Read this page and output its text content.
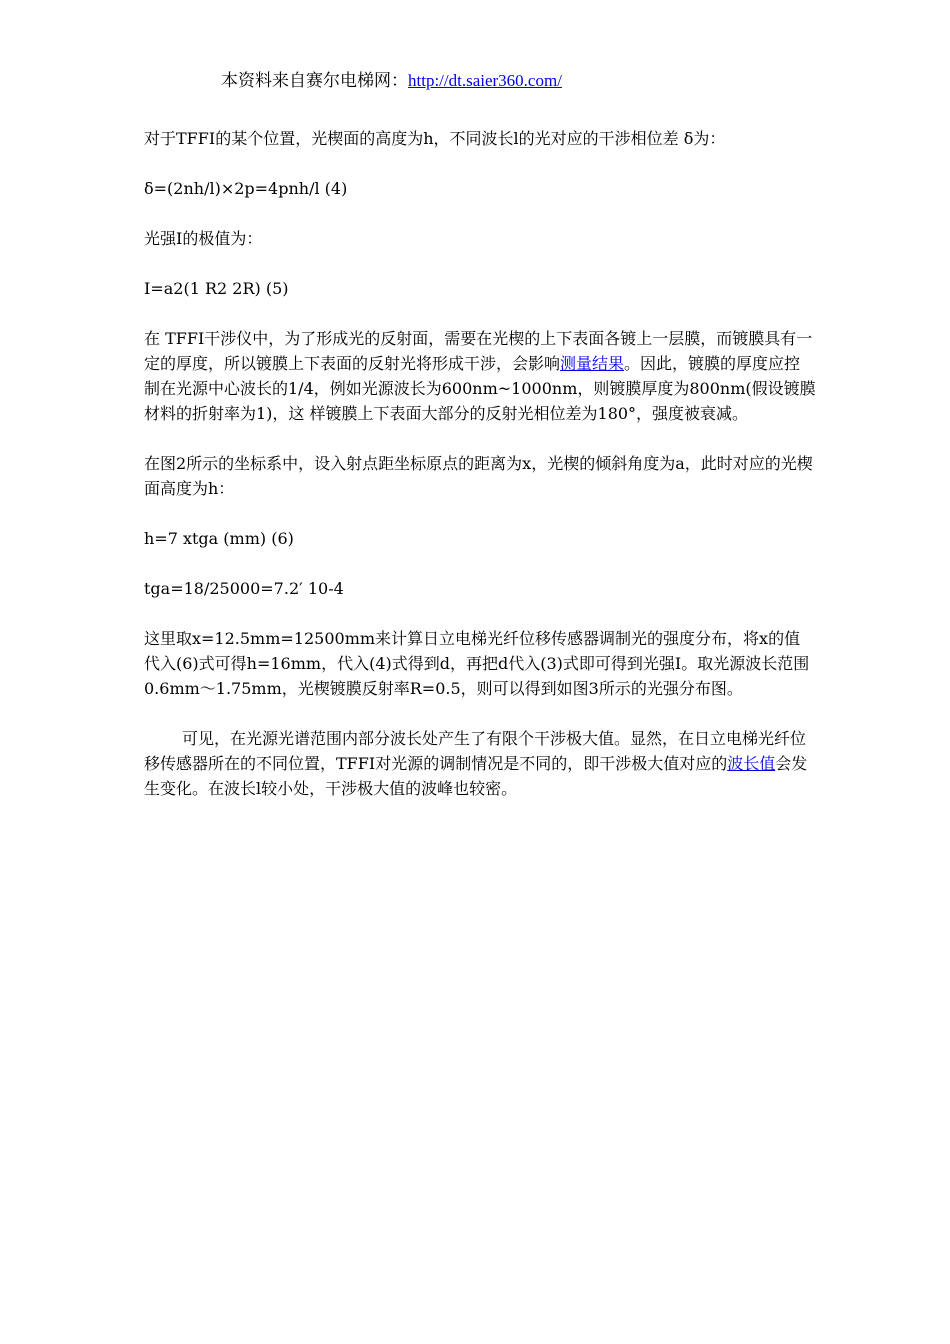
本资料来自赛尔电梯网：http://dt.saier360.com/

对于TFFI的某个位置，光楔面的高度为h，不同波长l的光对应的干涉相位差 δ为：

δ=(2nh/l)×2p=4pnh/l (4)

光强I的极值为：

I=a2(1 R2 2R) (5)

在 TFFI干涉仪中，为了形成光的反射面，需要在光楔的上下表面各镀上一层膜，而镀膜具有一定的厚度，所以镀膜上下表面的反射光将形成干涉，会影响测量结果。因此，镀膜的厚度应控制在光源中心波长的1/4，例如光源波长为600nm~1000nm，则镀膜厚度为800nm(假设镀膜材料的折射率为1)，这 样镀膜上下表面大部分的反射光相位差为180°，强度被衰减。

在图2所示的坐标系中，设入射点距坐标原点的距离为x，光楔的倾斜角度为a，此时对应的光楔面高度为h：

h=7 xtga (mm) (6)

tga=18/25000=7.2′ 10-4

这里取x=12.5mm=12500mm来计算日立电梯光纤位移传感器调制光的强度分布，将x的值代入(6)式可得h=16mm，代入(4)式得到d，再把d代入(3)式即可得到光强I。取光源波长范围0.6mm～1.75mm，光楔镀膜反射率R=0.5，则可以得到如图3所示的光强分布图。

可见，在光源光谱范围内部分波长处产生了有限个干涉极大值。显然，在日立电梯光纤位移传感器所在的不同位置，TFFI对光源的调制情况是不同的，即干涉极大值对应的波长值会发生变化。在波长l较小处，干涉极大值的波峰也较密。
